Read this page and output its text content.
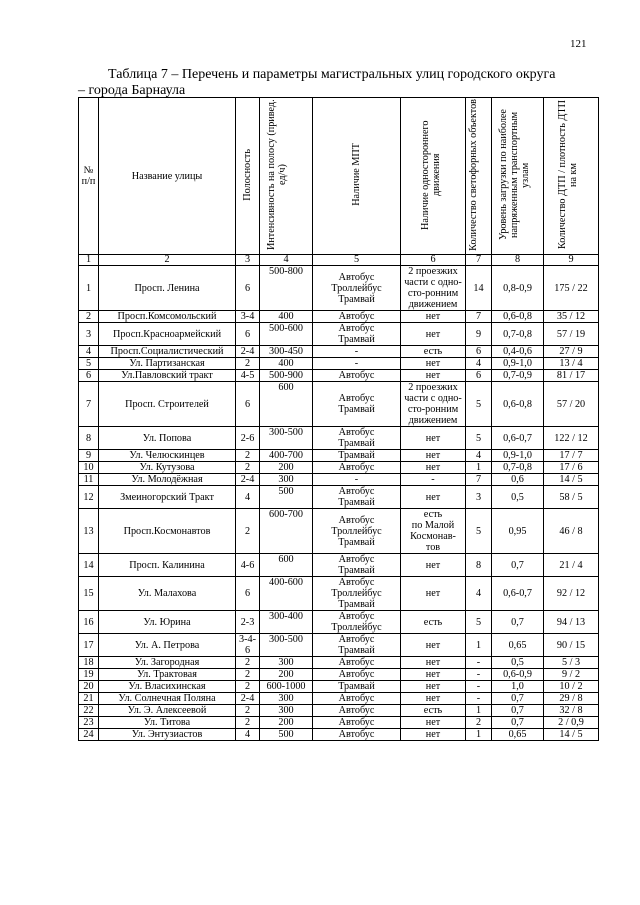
121
Таблица 7 – Перечень и параметры магистральных улиц городского округа
– города Барнаула
№ п/п	Название улицы	Полосность	Интенсивность на полосу (привед. ед/ч)	Наличие МПТ	Наличие одностороннего движения	Количество светофорных объектов	Уровень загрузки по наиболее напряженным транспортным узлам	Количество ДТП / плотность ДТП на км
1	2	3	4	5	6	7	8	9
1	Просп. Ленина	6	500-800	Автобус
Троллейбус
Трамвай	2 проезжих
части с одно-
сто-ронним
движением	14	0,8-0,9	175 / 22
2	Просп.Комсомольский	3-4	400	Автобус	нет	7	0,6-0,8	35 / 12
3	Просп.Красноармейский	6	500-600	Автобус
Трамвай	нет	9	0,7-0,8	57 / 19
4	Просп.Социалистический	2-4	300-450	-	есть	6	0,4-0,6	27 / 9
5	Ул. Партизанская	2	400	-	нет	4	0,9-1,0	13 / 4
6	Ул.Павловский тракт	4-5	500-900	Автобус	нет	6	0,7-0,9	81 / 17
7	Просп. Строителей	6	600	Автобус
Трамвай	2 проезжих
части с одно-
сто-ронним
движением	5	0,6-0,8	57 / 20
8	Ул. Попова	2-6	300-500	Автобус
Трамвай	нет	5	0,6-0,7	122 / 12
9	Ул. Челюскинцев	2	400-700	Трамвай	нет	4	0,9-1,0	17 / 7
10	Ул. Кутузова	2	200	Автобус	нет	1	0,7-0,8	17 / 6
11	Ул. Молодёжная	2-4	300	-	-	7	0,6	14 / 5
12	Змеиногорский Тракт	4	500	Автобус
Трамвай	нет	3	0,5	58 / 5
13	Просп.Космонавтов	2	600-700	Автобус
Троллейбус
Трамвай	есть
по Малой
Космонав-
тов	5	0,95	46 / 8
14	Просп. Калинина	4-6	600	Автобус
Трамвай	нет	8	0,7	21 / 4
15	Ул. Малахова	6	400-600	Автобус
Троллейбус
Трамвай	нет	4	0,6-0,7	92 / 12
16	Ул. Юрина	2-3	300-400	Автобус
Троллейбус	есть	5	0,7	94 / 13
17	Ул. А. Петрова	3-4-6	300-500	Автобус
Трамвай	нет	1	0,65	90 / 15
18	Ул. Загородная	2	300	Автобус	нет	-	0,5	5 / 3
19	Ул. Трактовая	2	200	Автобус	нет	-	0,6-0,9	9 / 2
20	Ул. Власихинская	2	600-1000	Трамвай	нет	-	1,0	10 / 2
21	Ул. Солнечная Поляна	2-4	300	Автобус	нет	-	0,7	29 / 8
22	Ул. Э. Алексеевой	2	300	Автобус	есть	1	0,7	32 / 8
23	Ул. Титова	2	200	Автобус	нет	2	0,7	2 / 0,9
24	Ул. Энтузиастов	4	500	Автобус	нет	1	0,65	14 / 5
